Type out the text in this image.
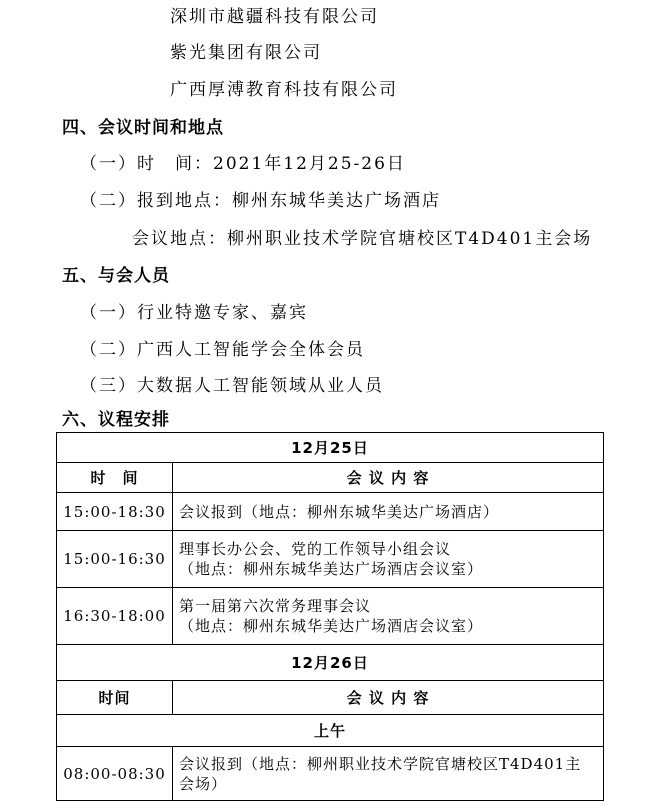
深圳市越疆科技有限公司
紫光集团有限公司
广西厚溥教育科技有限公司
四、会议时间和地点
（一）时　间：2021年12月25-26日
（二）报到地点：柳州东城华美达广场酒店
会议地点：柳州职业技术学院官塘校区T4D401主会场
五、与会人员
（一）行业特邀专家、嘉宾
（二）广西人工智能学会全体会员
（三）大数据人工智能领域从业人员
六、议程安排
12月25日	
时　间	会 议 内 容
15:00-18:30	会议报到（地点：柳州东城华美达广场酒店）
15:00-16:30	理事长办公会、党的工作领导小组会议
（地点：柳州东城华美达广场酒店会议室）

16:30-18:00	第一届第六次常务理事会议
（地点：柳州东城华美达广场酒店会议室）

12月26日	
时间	会 议 内 容
上午	
08:00-08:30	会议报到（地点：柳州职业技术学院官塘校区T4D401主
会场）
